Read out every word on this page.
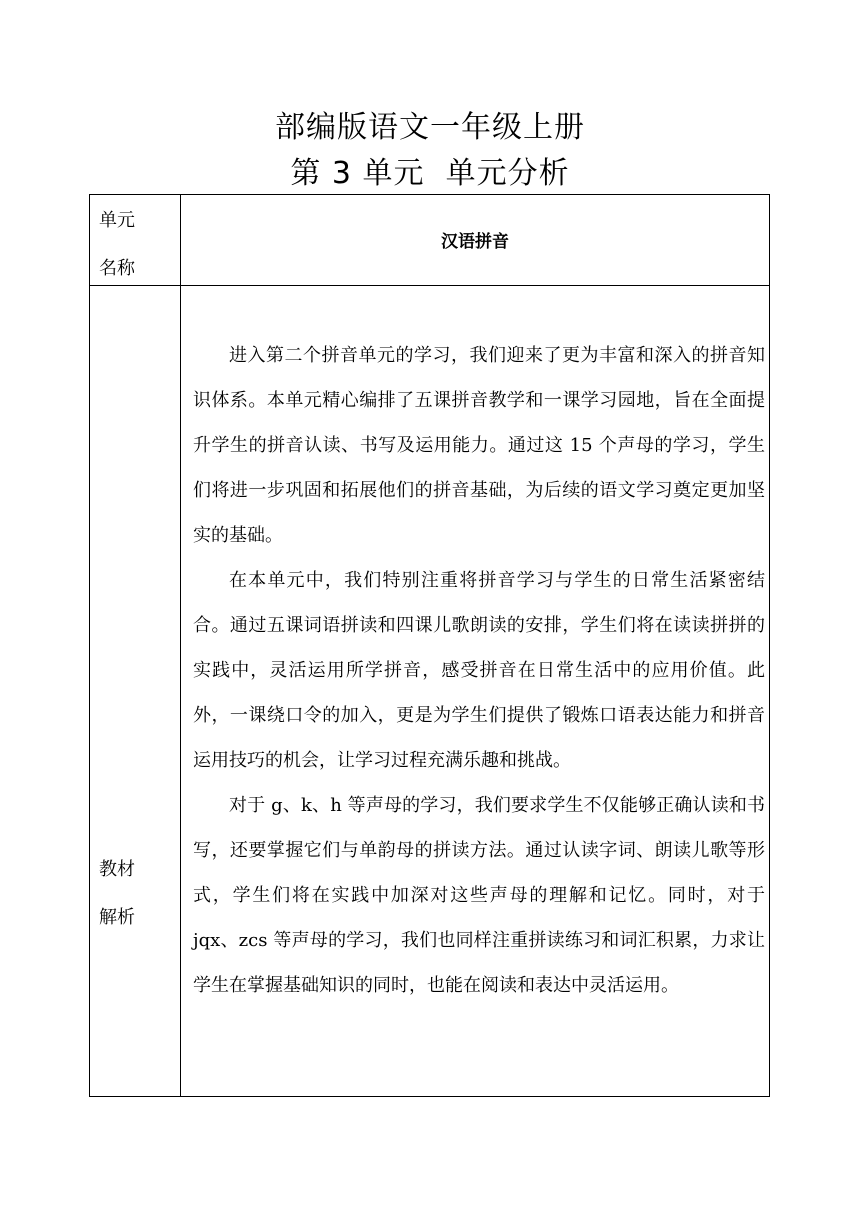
部编版语文一年级上册
第 3 单元  单元分析
单元
名称
汉语拼音
教材
解析

进入第二个拼音单元的学习，我们迎来了更为丰富和深入的拼音知识体系。本单元精心编排了五课拼音教学和一课学习园地，旨在全面提升学生的拼音认读、书写及运用能力。通过这 15 个声母的学习，学生们将进一步巩固和拓展他们的拼音基础，为后续的语文学习奠定更加坚实的基础。

在本单元中，我们特别注重将拼音学习与学生的日常生活紧密结合。通过五课词语拼读和四课儿歌朗读的安排，学生们将在读读拼拼的实践中，灵活运用所学拼音，感受拼音在日常生活中的应用价值。此外，一课绕口令的加入，更是为学生们提供了锻炼口语表达能力和拼音运用技巧的机会，让学习过程充满乐趣和挑战。

对于 g、k、h 等声母的学习，我们要求学生不仅能够正确认读和书写，还要掌握它们与单韵母的拼读方法。通过认读字词、朗读儿歌等形式，学生们将在实践中加深对这些声母的理解和记忆。同时，对于 jqx、zcs 等声母的学习，我们也同样注重拼读练习和词汇积累，力求让学生在掌握基础知识的同时，也能在阅读和表达中灵活运用。
